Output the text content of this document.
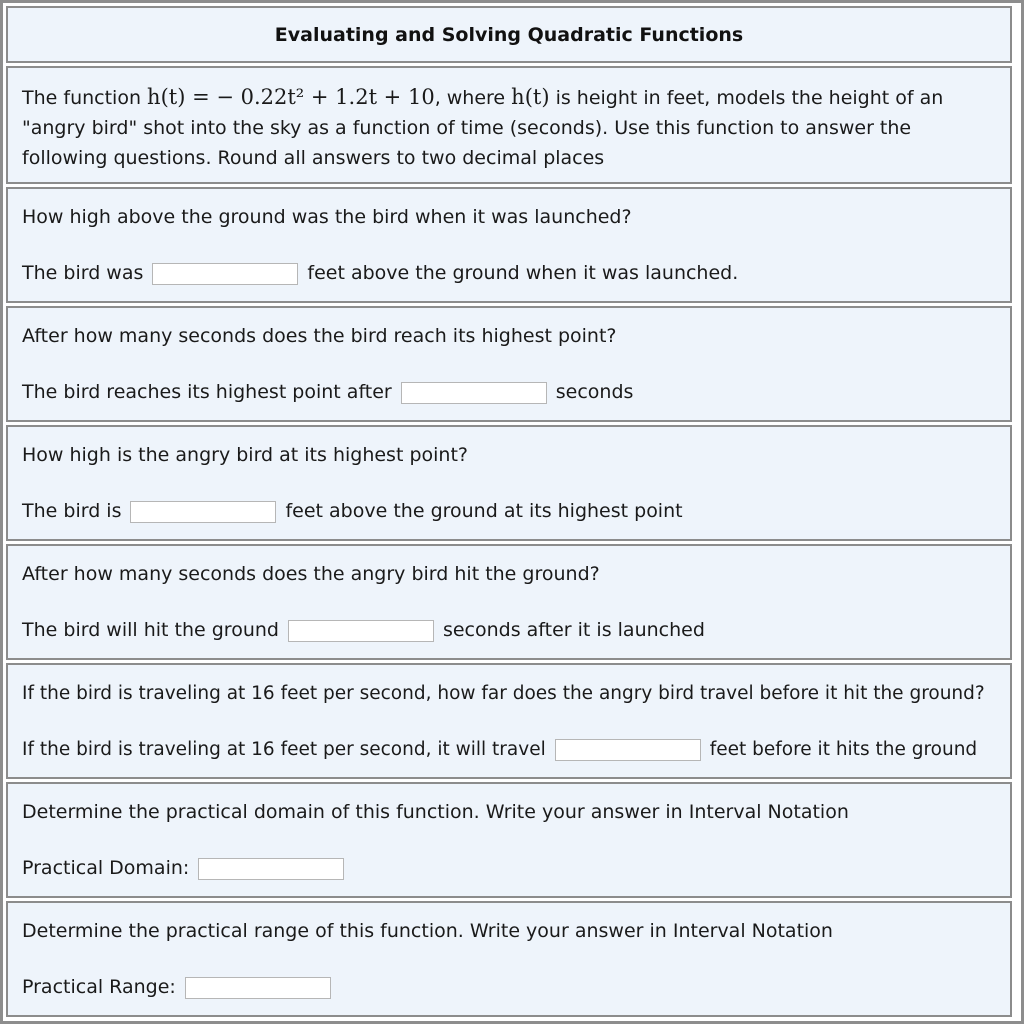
Evaluating and Solving Quadratic Functions
The function h(t) = − 0.22t² + 1.2t + 10, where h(t) is height in feet, models the height of an "angry bird" shot into the sky as a function of time (seconds). Use this function to answer the following questions. Round all answers to two decimal places
How high above the ground was the bird when it was launched?
The bird was	feet above the ground when it was launched.
After how many seconds does the bird reach its highest point?
The bird reaches its highest point after	seconds
How high is the angry bird at its highest point?
The bird is	feet above the ground at its highest point
After how many seconds does the angry bird hit the ground?
The bird will hit the ground	seconds after it is launched
If the bird is traveling at 16 feet per second, how far does the angry bird travel before it hit the ground?
If the bird is traveling at 16 feet per second, it will travel	feet before it hits the ground
Determine the practical domain of this function. Write your answer in Interval Notation
Practical Domain:
Determine the practical range of this function. Write your answer in Interval Notation
Practical Range:
